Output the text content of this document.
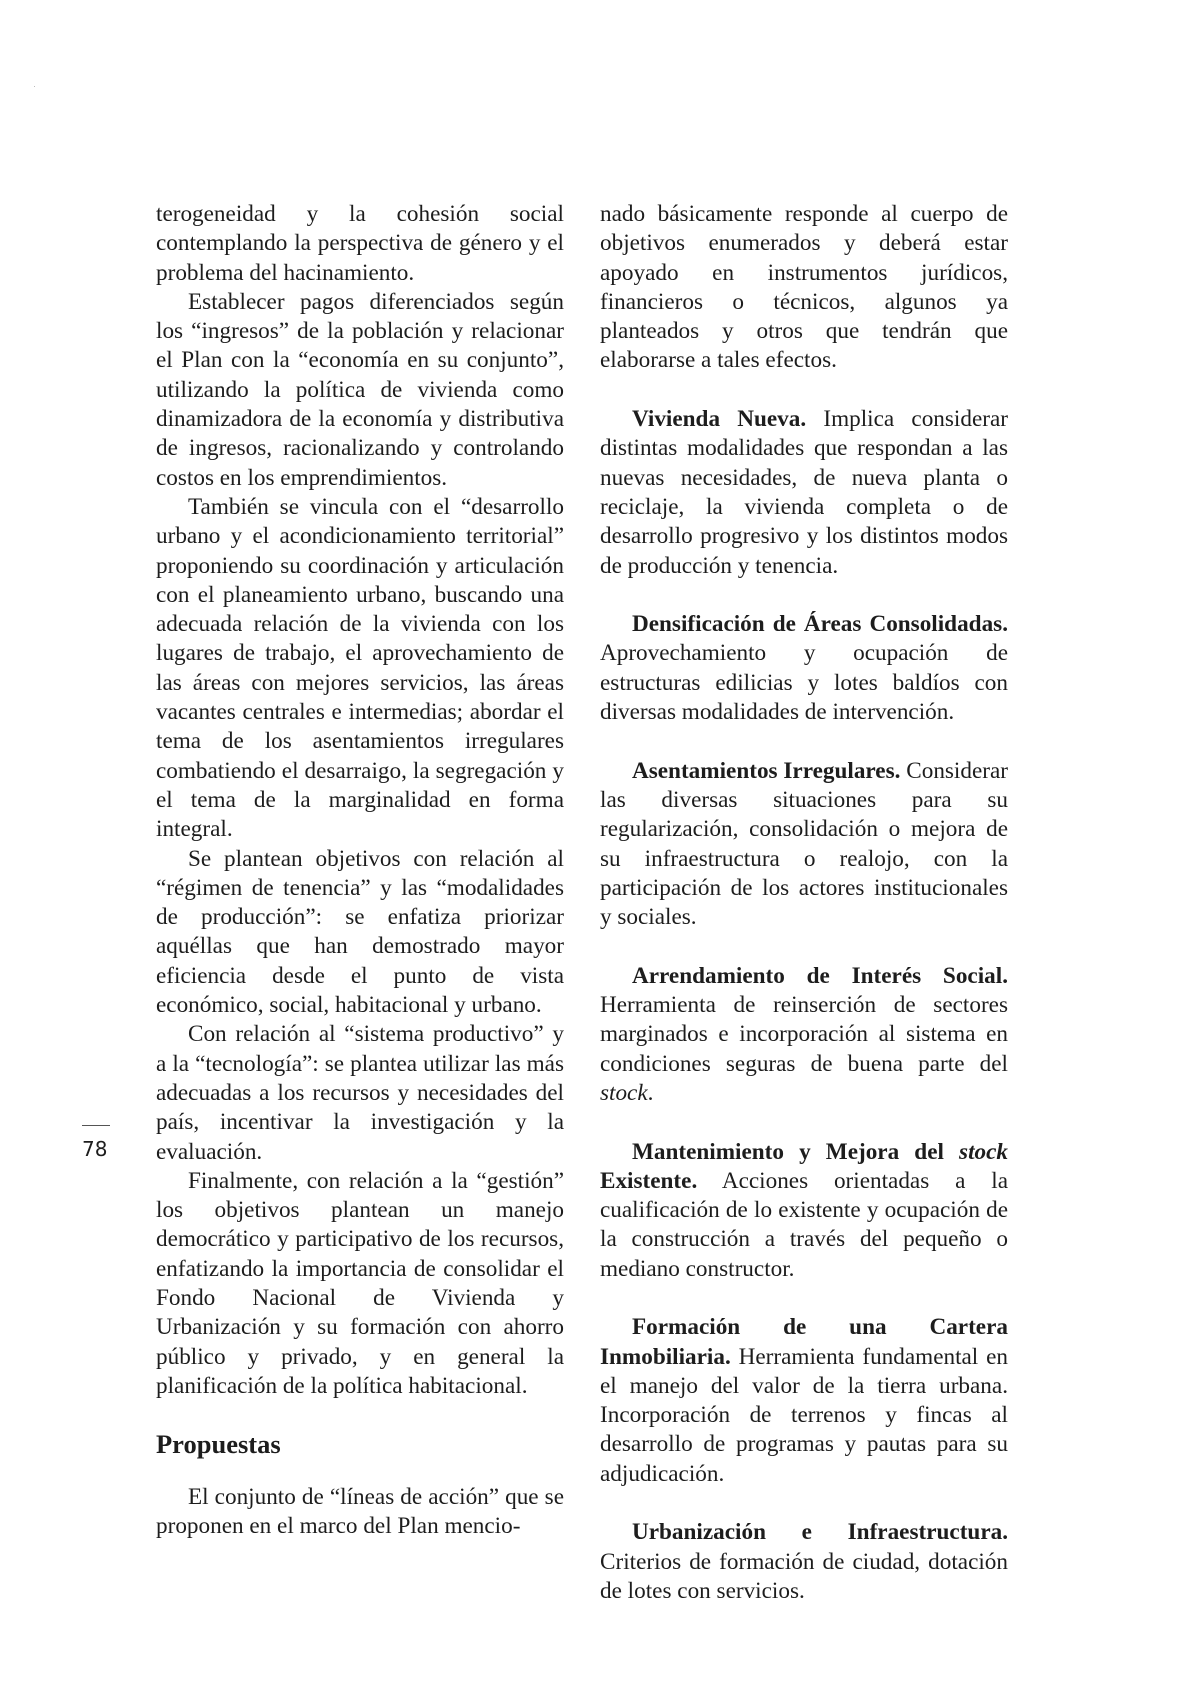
terogeneidad y la cohesión social contemplando la perspectiva de género y el problema del hacinamiento.

Establecer pagos diferenciados según los “ingresos” de la población y relacionar el Plan con la “economía en su conjunto”, utilizando la política de vivienda como dinamizadora de la economía y distributiva de ingresos, racionalizando y controlando costos en los emprendimientos.

También se vincula con el “desarrollo urbano y el acondicionamiento territorial” proponiendo su coordinación y articulación con el planeamiento urbano, buscando una adecuada relación de la vivienda con los lugares de trabajo, el aprovechamiento de las áreas con mejores servicios, las áreas vacantes centrales e intermedias; abordar el tema de los asentamientos irregulares combatiendo el desarraigo, la segregación y el tema de la marginalidad en forma integral.

Se plantean objetivos con relación al “régimen de tenencia” y las “modalidades de producción”: se enfatiza priorizar aquéllas que han demostrado mayor eficiencia desde el punto de vista económico, social, habitacional y urbano.

Con relación al “sistema productivo” y a la “tecnología”: se plantea utilizar las más adecuadas a los recursos y necesidades del país, incentivar la investigación y la evaluación.

Finalmente, con relación a la “gestión” los objetivos plantean un manejo democrático y participativo de los recursos, enfatizando la importancia de consolidar el Fondo Nacional de Vivienda y Urbanización y su formación con ahorro público y privado, y en general la planificación de la política habitacional.

Propuestas

El conjunto de “líneas de acción” que se proponen en el marco del Plan mencio-

nado básicamente responde al cuerpo de objetivos enumerados y deberá estar apoyado en instrumentos jurídicos, financieros o técnicos, algunos ya planteados y otros que tendrán que elaborarse a tales efectos.

Vivienda Nueva. Implica considerar distintas modalidades que respondan a las nuevas necesidades, de nueva planta o reciclaje, la vivienda completa o de desarrollo progresivo y los distintos modos de producción y tenencia.

Densificación de Áreas Consolidadas. Aprovechamiento y ocupación de estructuras edilicias y lotes baldíos con diversas modalidades de intervención.

Asentamientos Irregulares. Considerar las diversas situaciones para su regularización, consolidación o mejora de su infraestructura o realojo, con la participación de los actores institucionales y sociales.

Arrendamiento de Interés Social. Herramienta de reinserción de sectores marginados e incorporación al sistema en condiciones seguras de buena parte del stock.

Mantenimiento y Mejora del stock Existente. Acciones orientadas a la cualificación de lo existente y ocupación de la construcción a través del pequeño o mediano constructor.

Formación de una Cartera Inmobiliaria. Herramienta fundamental en el manejo del valor de la tierra urbana. Incorporación de terrenos y fincas al desarrollo de programas y pautas para su adjudicación.

Urbanización e Infraestructura. Criterios de formación de ciudad, dotación de lotes con servicios.

78
